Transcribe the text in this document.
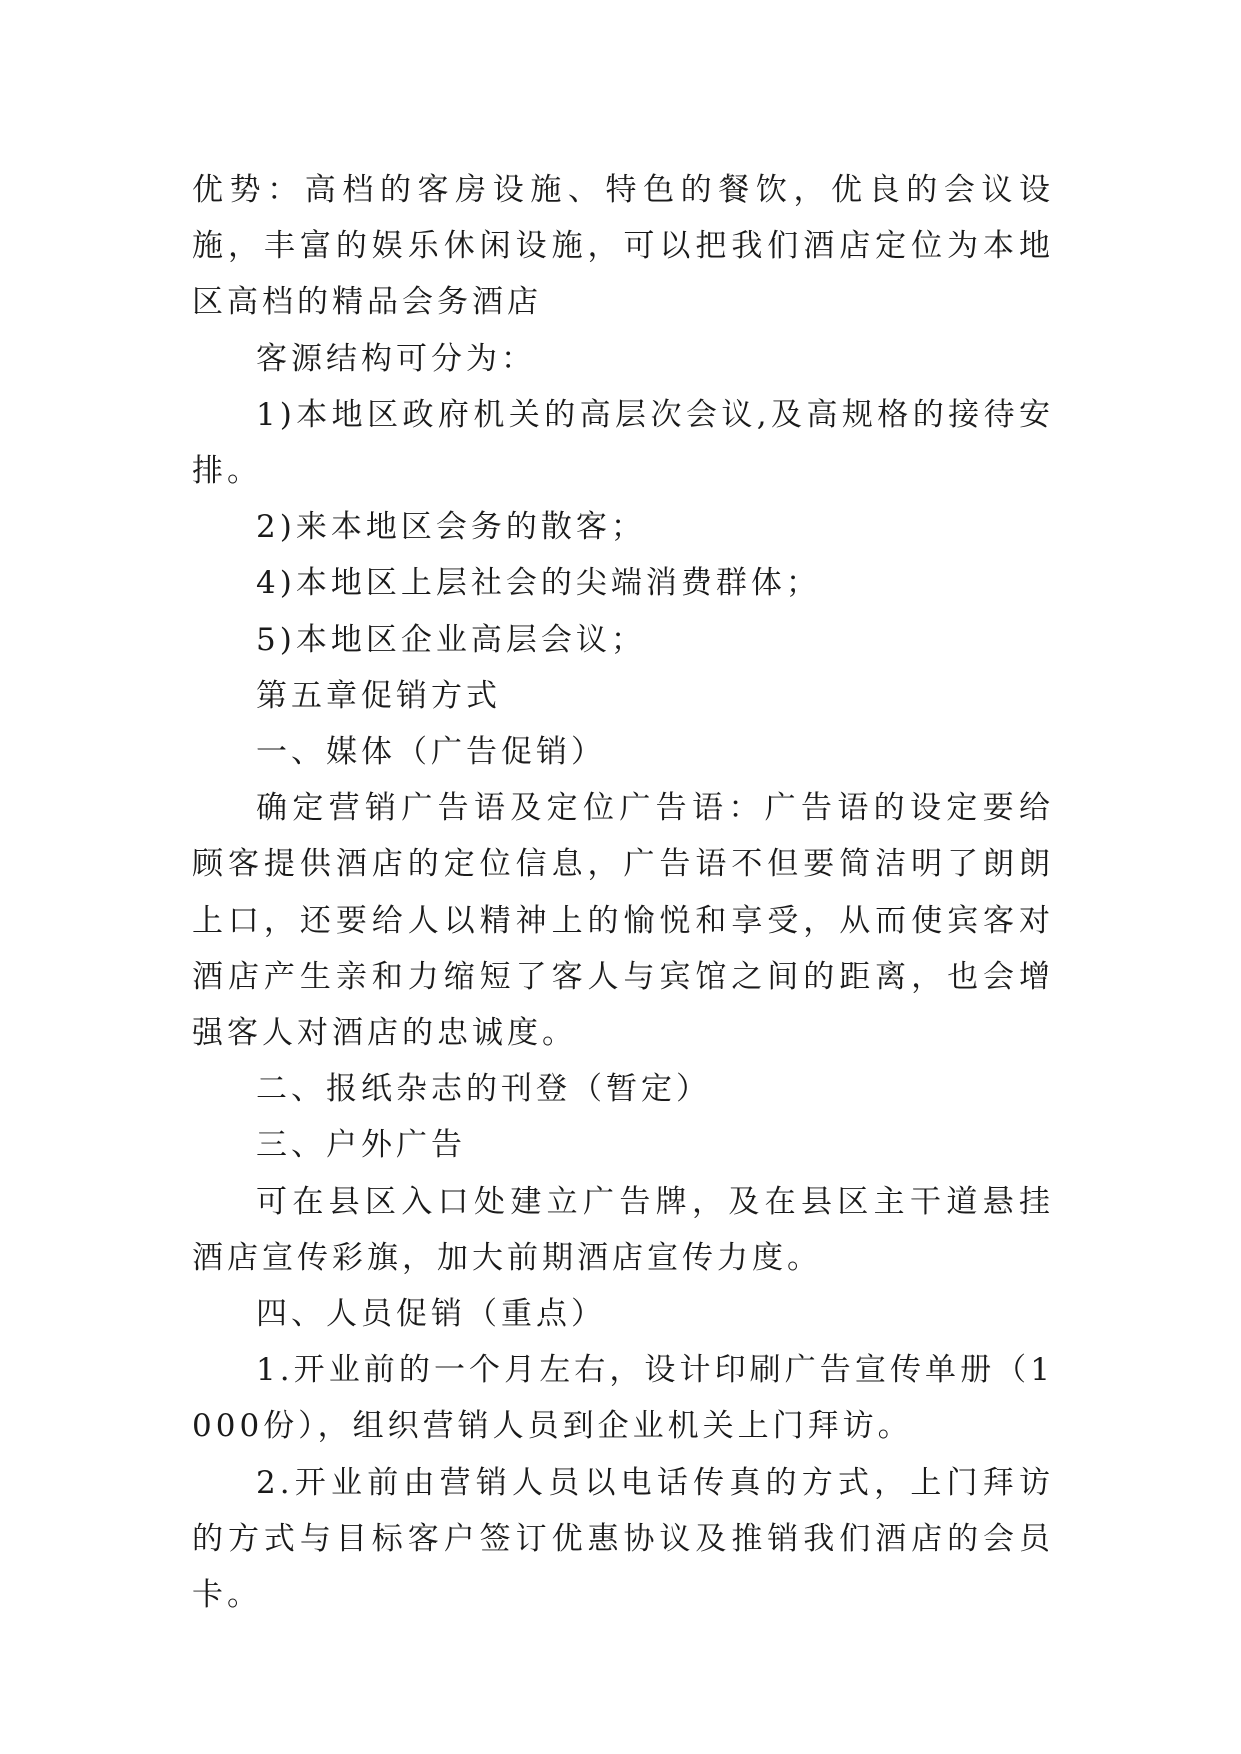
优势：高档的客房设施、特色的餐饮，优良的会议设施，丰富的娱乐休闲设施，可以把我们酒店定位为本地区高档的精品会务酒店

客源结构可分为：

1)本地区政府机关的高层次会议,及高规格的接待安排。

2)来本地区会务的散客；

4)本地区上层社会的尖端消费群体；

5)本地区企业高层会议；

第五章促销方式

一、媒体（广告促销）

确定营销广告语及定位广告语：广告语的设定要给顾客提供酒店的定位信息，广告语不但要简洁明了朗朗上口，还要给人以精神上的愉悦和享受，从而使宾客对酒店产生亲和力缩短了客人与宾馆之间的距离，也会增强客人对酒店的忠诚度。

二、报纸杂志的刊登（暂定）

三、户外广告

可在县区入口处建立广告牌，及在县区主干道悬挂酒店宣传彩旗，加大前期酒店宣传力度。

四、人员促销（重点）

1.开业前的一个月左右，设计印刷广告宣传单册（1000份），组织营销人员到企业机关上门拜访。

2.开业前由营销人员以电话传真的方式，上门拜访的方式与目标客户签订优惠协议及推销我们酒店的会员卡。
